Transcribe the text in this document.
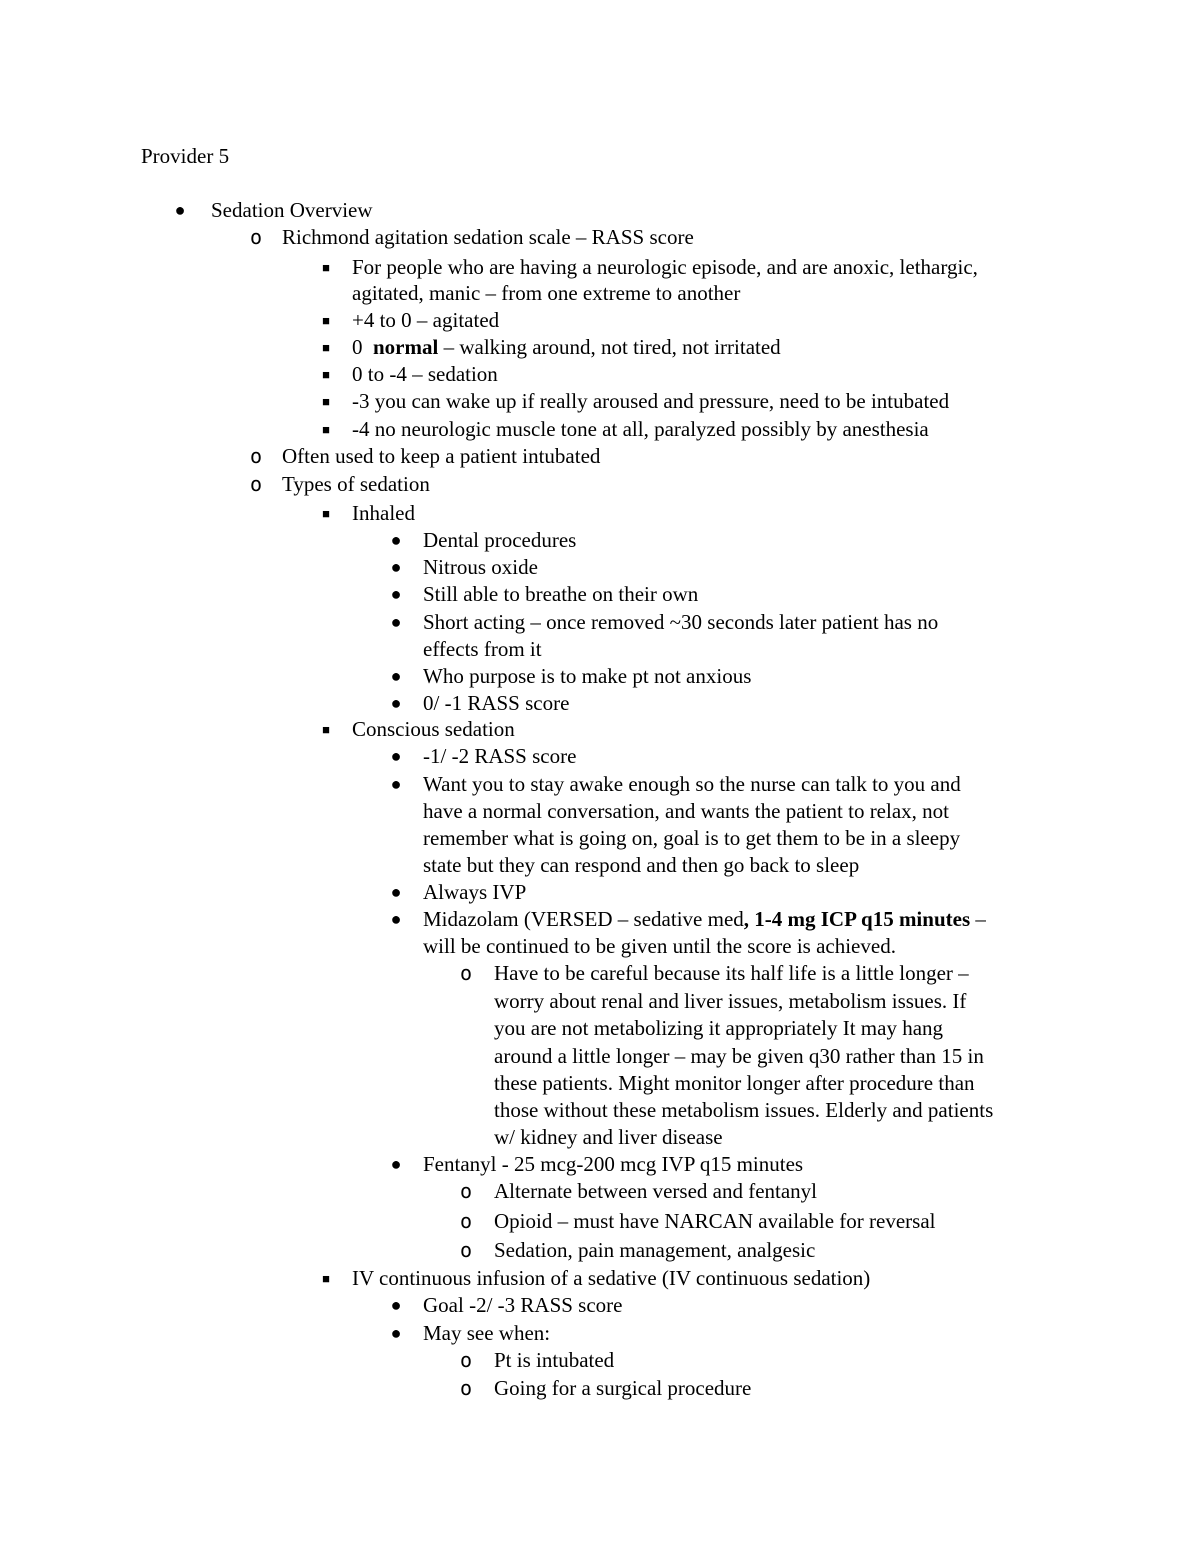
Provider 5
● Sedation Overview
o Richmond agitation sedation scale – RASS score
■ For people who are having a neurologic episode, and are anoxic, lethargic,
agitated, manic – from one extreme to another
■ +4 to 0 – agitated
■ 0  normal – walking around, not tired, not irritated
■ 0 to -4 – sedation
■ -3 you can wake up if really aroused and pressure, need to be intubated
■ -4 no neurologic muscle tone at all, paralyzed possibly by anesthesia
o Often used to keep a patient intubated
o Types of sedation
■ Inhaled
● Dental procedures
● Nitrous oxide
● Still able to breathe on their own
● Short acting – once removed ~30 seconds later patient has no
effects from it
● Who purpose is to make pt not anxious
● 0/ -1 RASS score
■ Conscious sedation
● -1/ -2 RASS score
● Want you to stay awake enough so the nurse can talk to you and
have a normal conversation, and wants the patient to relax, not
remember what is going on, goal is to get them to be in a sleepy
state but they can respond and then go back to sleep
● Always IVP
● Midazolam (VERSED – sedative med, 1-4 mg ICP q15 minutes –
will be continued to be given until the score is achieved.
o Have to be careful because its half life is a little longer –
worry about renal and liver issues, metabolism issues. If
you are not metabolizing it appropriately It may hang
around a little longer – may be given q30 rather than 15 in
these patients. Might monitor longer after procedure than
those without these metabolism issues. Elderly and patients
w/ kidney and liver disease
● Fentanyl - 25 mcg-200 mcg IVP q15 minutes
o Alternate between versed and fentanyl
o Opioid – must have NARCAN available for reversal
o Sedation, pain management, analgesic
■ IV continuous infusion of a sedative (IV continuous sedation)
● Goal -2/ -3 RASS score
● May see when:
o Pt is intubated
o Going for a surgical procedure
